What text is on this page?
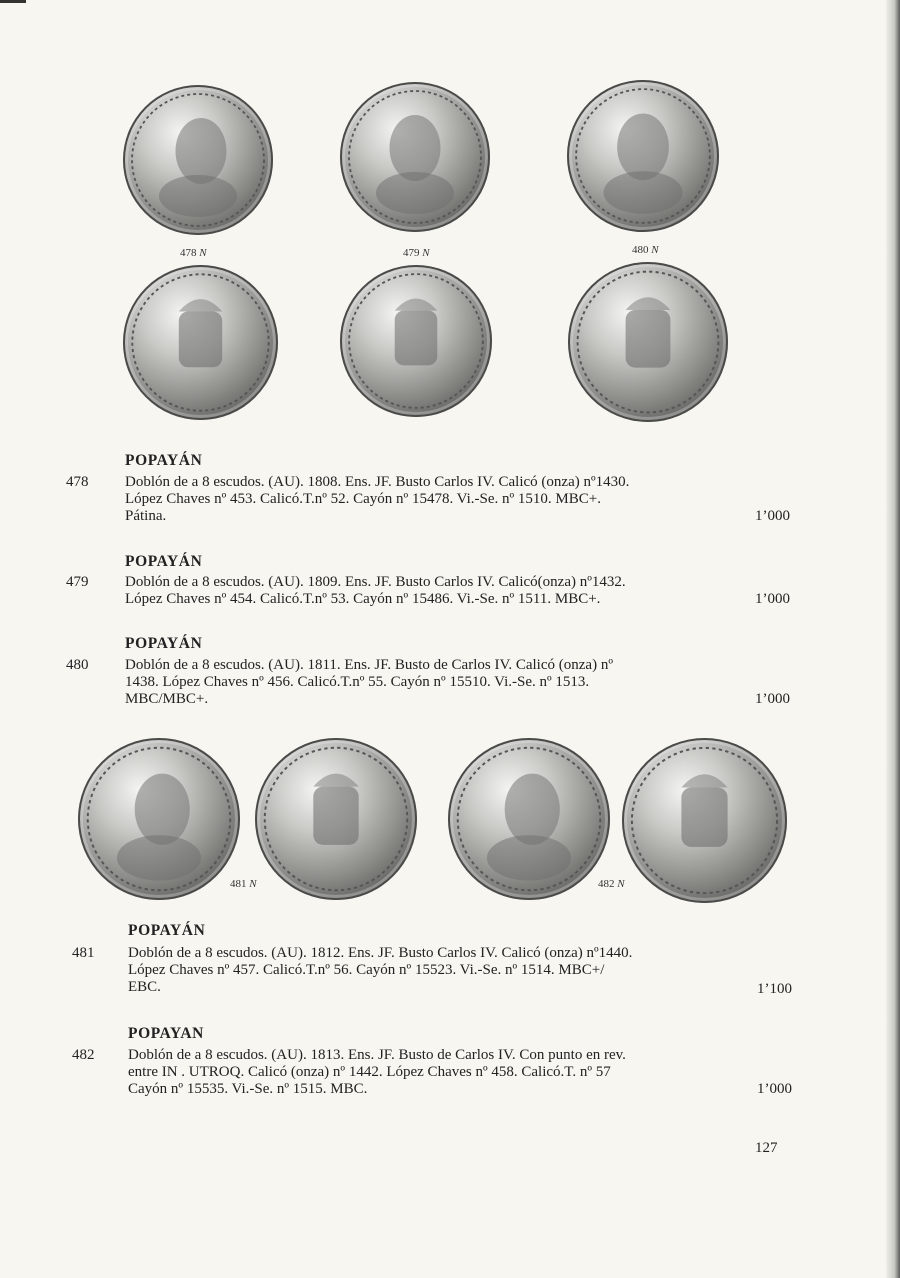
478 N	479 N	480 N
POPAYÁN
478 Doblón de a 8 escudos. (AU). 1808. Ens. JF. Busto Carlos IV. Calicó (onza) nº1430.
López Chaves nº 453. Calicó.T.nº 52. Cayón nº 15478. Vi.-Se. nº 1510. MBC+.
Pátina.	1’000
POPAYÁN
479 Doblón de a 8 escudos. (AU). 1809. Ens. JF. Busto Carlos IV. Calicó(onza) nº1432.
López Chaves nº 454. Calicó.T.nº 53. Cayón nº 15486. Vi.-Se. nº 1511. MBC+.	1’000
POPAYÁN
480 Doblón de a 8 escudos. (AU). 1811. Ens. JF. Busto de Carlos IV. Calicó (onza) nº
1438. López Chaves nº 456. Calicó.T.nº 55. Cayón nº 15510. Vi.-Se. nº 1513.
MBC/MBC+.	1’000
481 N	482 N
POPAYÁN
481 Doblón de a 8 escudos. (AU). 1812. Ens. JF. Busto Carlos IV. Calicó (onza) nº1440.
López Chaves nº 457. Calicó.T.nº 56. Cayón nº 15523. Vi.-Se. nº 1514. MBC+/
EBC.	1’100
POPAYAN
482 Doblón de a 8 escudos. (AU). 1813. Ens. JF. Busto de Carlos IV. Con punto en rev.
entre IN . UTROQ. Calicó (onza) nº 1442. López Chaves nº 458. Calicó.T. nº 57
Cayón nº 15535. Vi.-Se. nº 1515. MBC.	1’000
127
